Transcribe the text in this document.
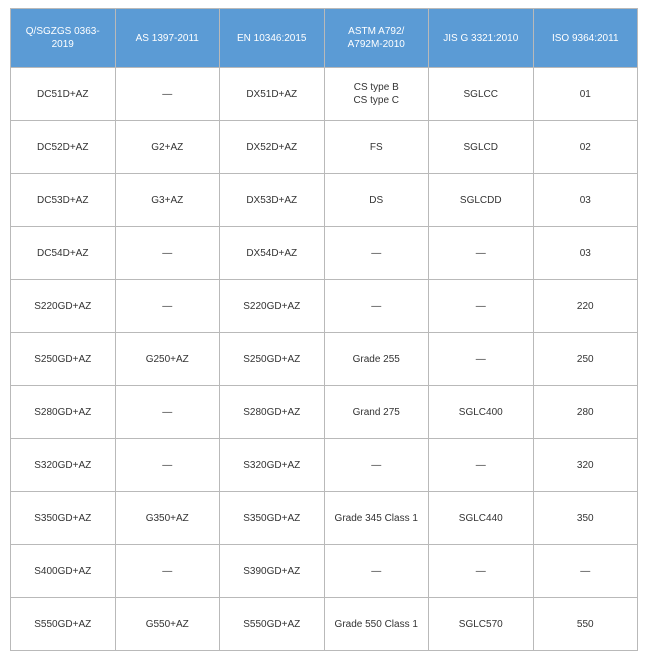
Q/SGZGS 0363-2019	AS 1397-2011	EN 10346:2015	ASTM A792/
A792M-2010	JIS G 3321:2010	ISO 9364:2011
DC51D+AZ	—	DX51D+AZ	CS type B
CS type C	SGLCC	01
DC52D+AZ	G2+AZ	DX52D+AZ	FS	SGLCD	02
DC53D+AZ	G3+AZ	DX53D+AZ	DS	SGLCDD	03
DC54D+AZ	—	DX54D+AZ	—	—	03
S220GD+AZ	—	S220GD+AZ	—	—	220
S250GD+AZ	G250+AZ	S250GD+AZ	Grade 255	—	250
S280GD+AZ	—	S280GD+AZ	Grand 275	SGLC400	280
S320GD+AZ	—	S320GD+AZ	—	—	320
S350GD+AZ	G350+AZ	S350GD+AZ	Grade 345 Class 1	SGLC440	350
S400GD+AZ	—	S390GD+AZ	—	—	—
S550GD+AZ	G550+AZ	S550GD+AZ	Grade 550 Class 1	SGLC570	550
